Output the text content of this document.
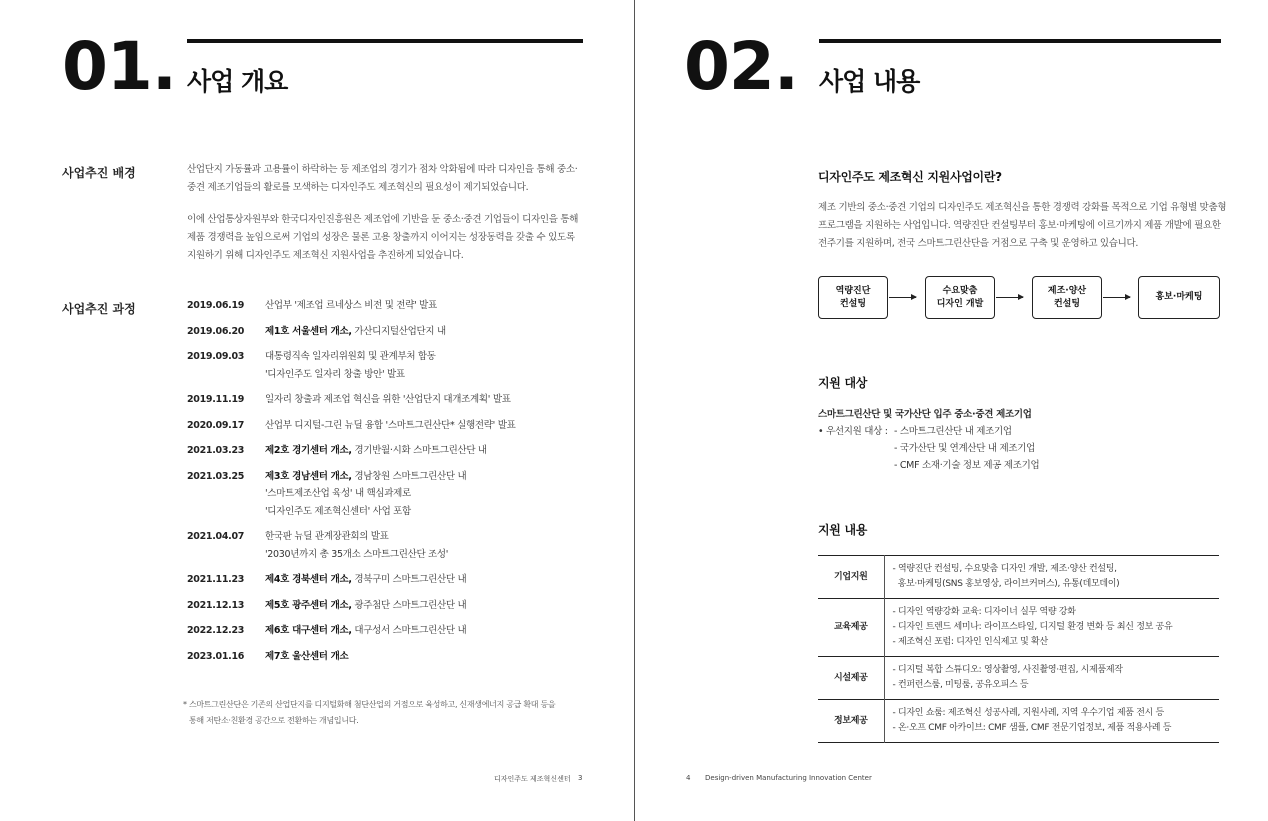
01. 사업 개요
사업추진 배경	산업단지 가동률과 고용률이 하락하는 등 제조업의 경기가 점차 악화됨에 따라 디자인을 통해 중소·
중견 제조기업들의 활로를 모색하는 디자인주도 제조혁신의 필요성이 제기되었습니다.
이에 산업통상자원부와 한국디자인진흥원은 제조업에 기반을 둔 중소·중견 기업들이 디자인을 통해
제품 경쟁력을 높임으로써 기업의 성장은 물론 고용 창출까지 이어지는 성장동력을 갖출 수 있도록
지원하기 위해 디자인주도 제조혁신 지원사업을 추진하게 되었습니다.
사업추진 과정	2019.06.19	산업부 '제조업 르네상스 비전 및 전략' 발표
2019.06.20	제1호 서울센터 개소, 가산디지털산업단지 내
2019.09.03	대통령직속 일자리위원회 및 관계부처 합동
'디자인주도 일자리 창출 방안' 발표
2019.11.19	일자리 창출과 제조업 혁신을 위한 '산업단지 대개조계획' 발표
2020.09.17	산업부 디지털-그린 뉴딜 융합 '스마트그린산단* 실행전략' 발표
2021.03.23	제2호 경기센터 개소, 경기반월·시화 스마트그린산단 내
2021.03.25	제3호 경남센터 개소, 경남창원 스마트그린산단 내
'스마트제조산업 육성' 내 핵심과제로
'디자인주도 제조혁신센터' 사업 포함
2021.04.07	한국판 뉴딜 관계장관회의 발표
'2030년까지 총 35개소 스마트그린산단 조성'
2021.11.23	제4호 경북센터 개소, 경북구미 스마트그린산단 내
2021.12.13	제5호 광주센터 개소, 광주첨단 스마트그린산단 내
2022.12.23	제6호 대구센터 개소, 대구성서 스마트그린산단 내
2023.01.16	제7호 울산센터 개소
* 스마트그린산단은 기존의 산업단지를 디지털화해 첨단산업의 거점으로 육성하고, 신재생에너지 공급 확대 등을
통해 저탄소·친환경 공간으로 전환하는 개념입니다.
디자인주도 제조혁신센터 3
02. 사업 내용
4 Design-driven Manufacturing Innovation Center
디자인주도 제조혁신 지원사업이란?
제조 기반의 중소·중견 기업의 디자인주도 제조혁신을 통한 경쟁력 강화를 목적으로 기업 유형별 맞춤형
프로그램을 지원하는 사업입니다. 역량진단 컨설팅부터 홍보·마케팅에 이르기까지 제품 개발에 필요한
전주기를 지원하며, 전국 스마트그린산단을 거점으로 구축 및 운영하고 있습니다.
역량진단
컨설팅
수요맞춤
디자인 개발
제조·양산
컨설팅
홍보·마케팅
지원 대상
스마트그린산단 및 국가산단 입주 중소·중견 제조기업
• 우선지원 대상 : - 스마트그린산단 내 제조기업
- 국가산단 및 연계산단 내 제조기업
- CMF 소재·기술 정보 제공 제조기업
지원 내용
기업지원	- 역량진단 컨설팅, 수요맞춤 디자인 개발, 제조·양산 컨설팅,
홍보·마케팅(SNS 홍보영상, 라이브커머스), 유통(데모데이)

교육제공	- 디자인 역량강화 교육: 디자이너 실무 역량 강화
- 디자인 트렌드 세미나: 라이프스타일, 디지털 환경 변화 등 최신 정보 공유
- 제조혁신 포럼: 디자인 인식제고 및 확산

시설제공	- 디지털 복합 스튜디오: 영상촬영, 사진촬영·편집, 시제품제작
- 컨퍼런스룸, 미팅룸, 공유오피스 등

정보제공	- 디자인 쇼룸: 제조혁신 성공사례, 지원사례, 지역 우수기업 제품 전시 등
- 온·오프 CMF 아카이브: CMF 샘플, CMF 전문기업정보, 제품 적용사례 등
